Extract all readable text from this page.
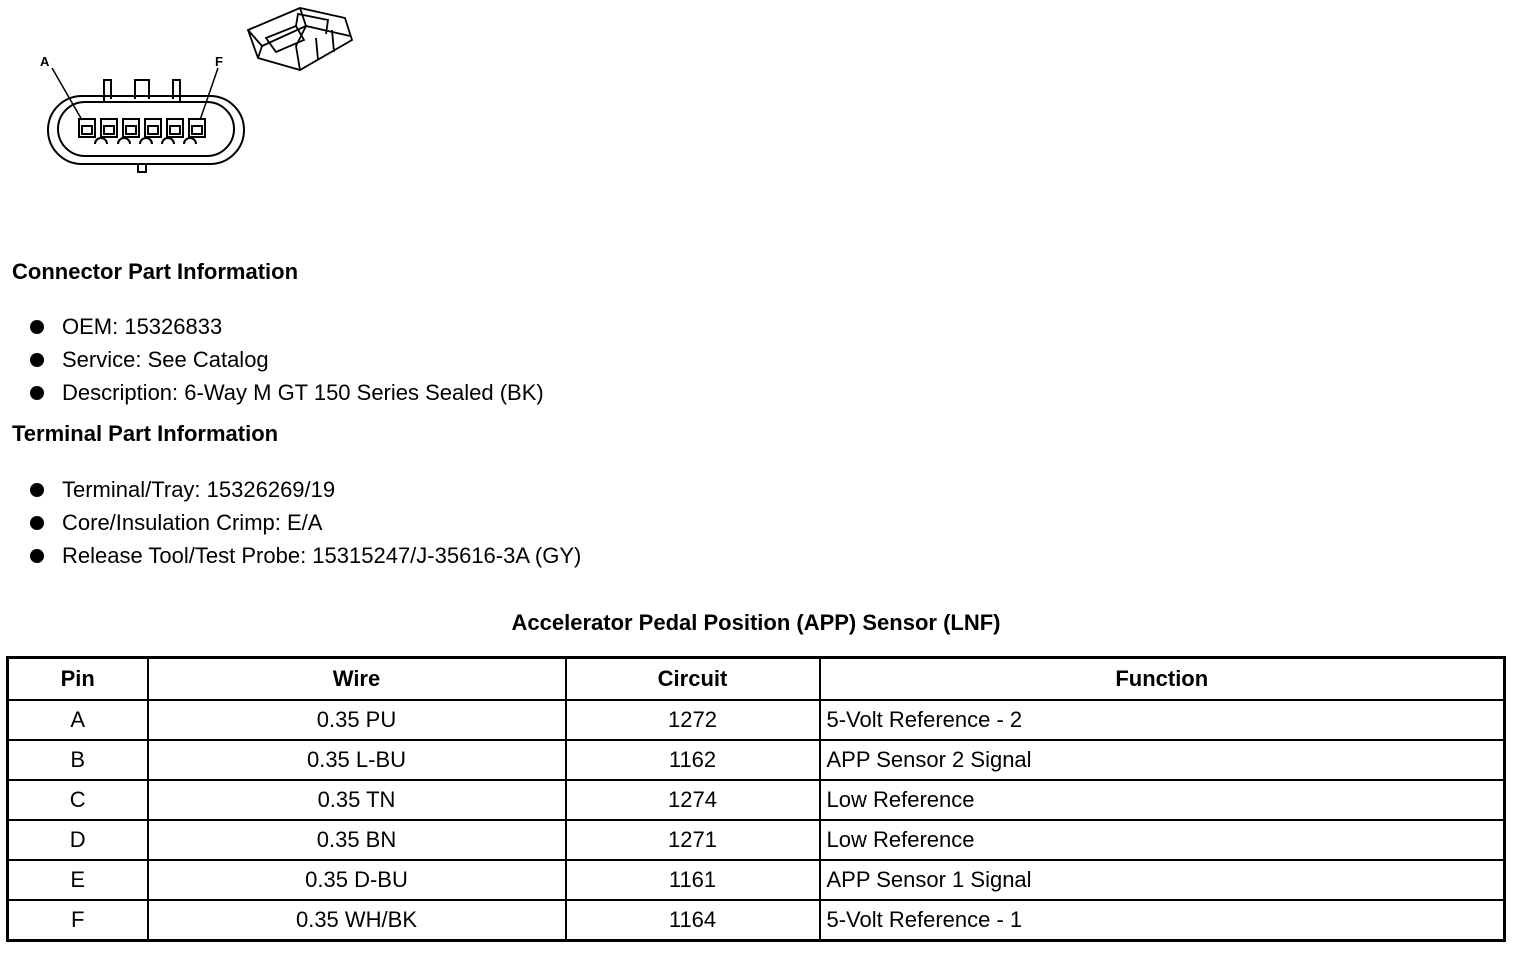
A	F
Connector Part Information
OEM: 15326833
Service: See Catalog
Description: 6-Way M GT 150 Series Sealed (BK)
Terminal Part Information
Terminal/Tray: 15326269/19
Core/Insulation Crimp: E/A
Release Tool/Test Probe: 15315247/J-35616-3A (GY)
Accelerator Pedal Position (APP) Sensor (LNF)
Pin	Wire	Circuit	Function
A	0.35 PU	1272	5-Volt Reference - 2
B	0.35 L-BU	1162	APP Sensor 2 Signal
C	0.35 TN	1274	Low Reference
D	0.35 BN	1271	Low Reference
E	0.35 D-BU	1161	APP Sensor 1 Signal
F	0.35 WH/BK	1164	5-Volt Reference - 1
